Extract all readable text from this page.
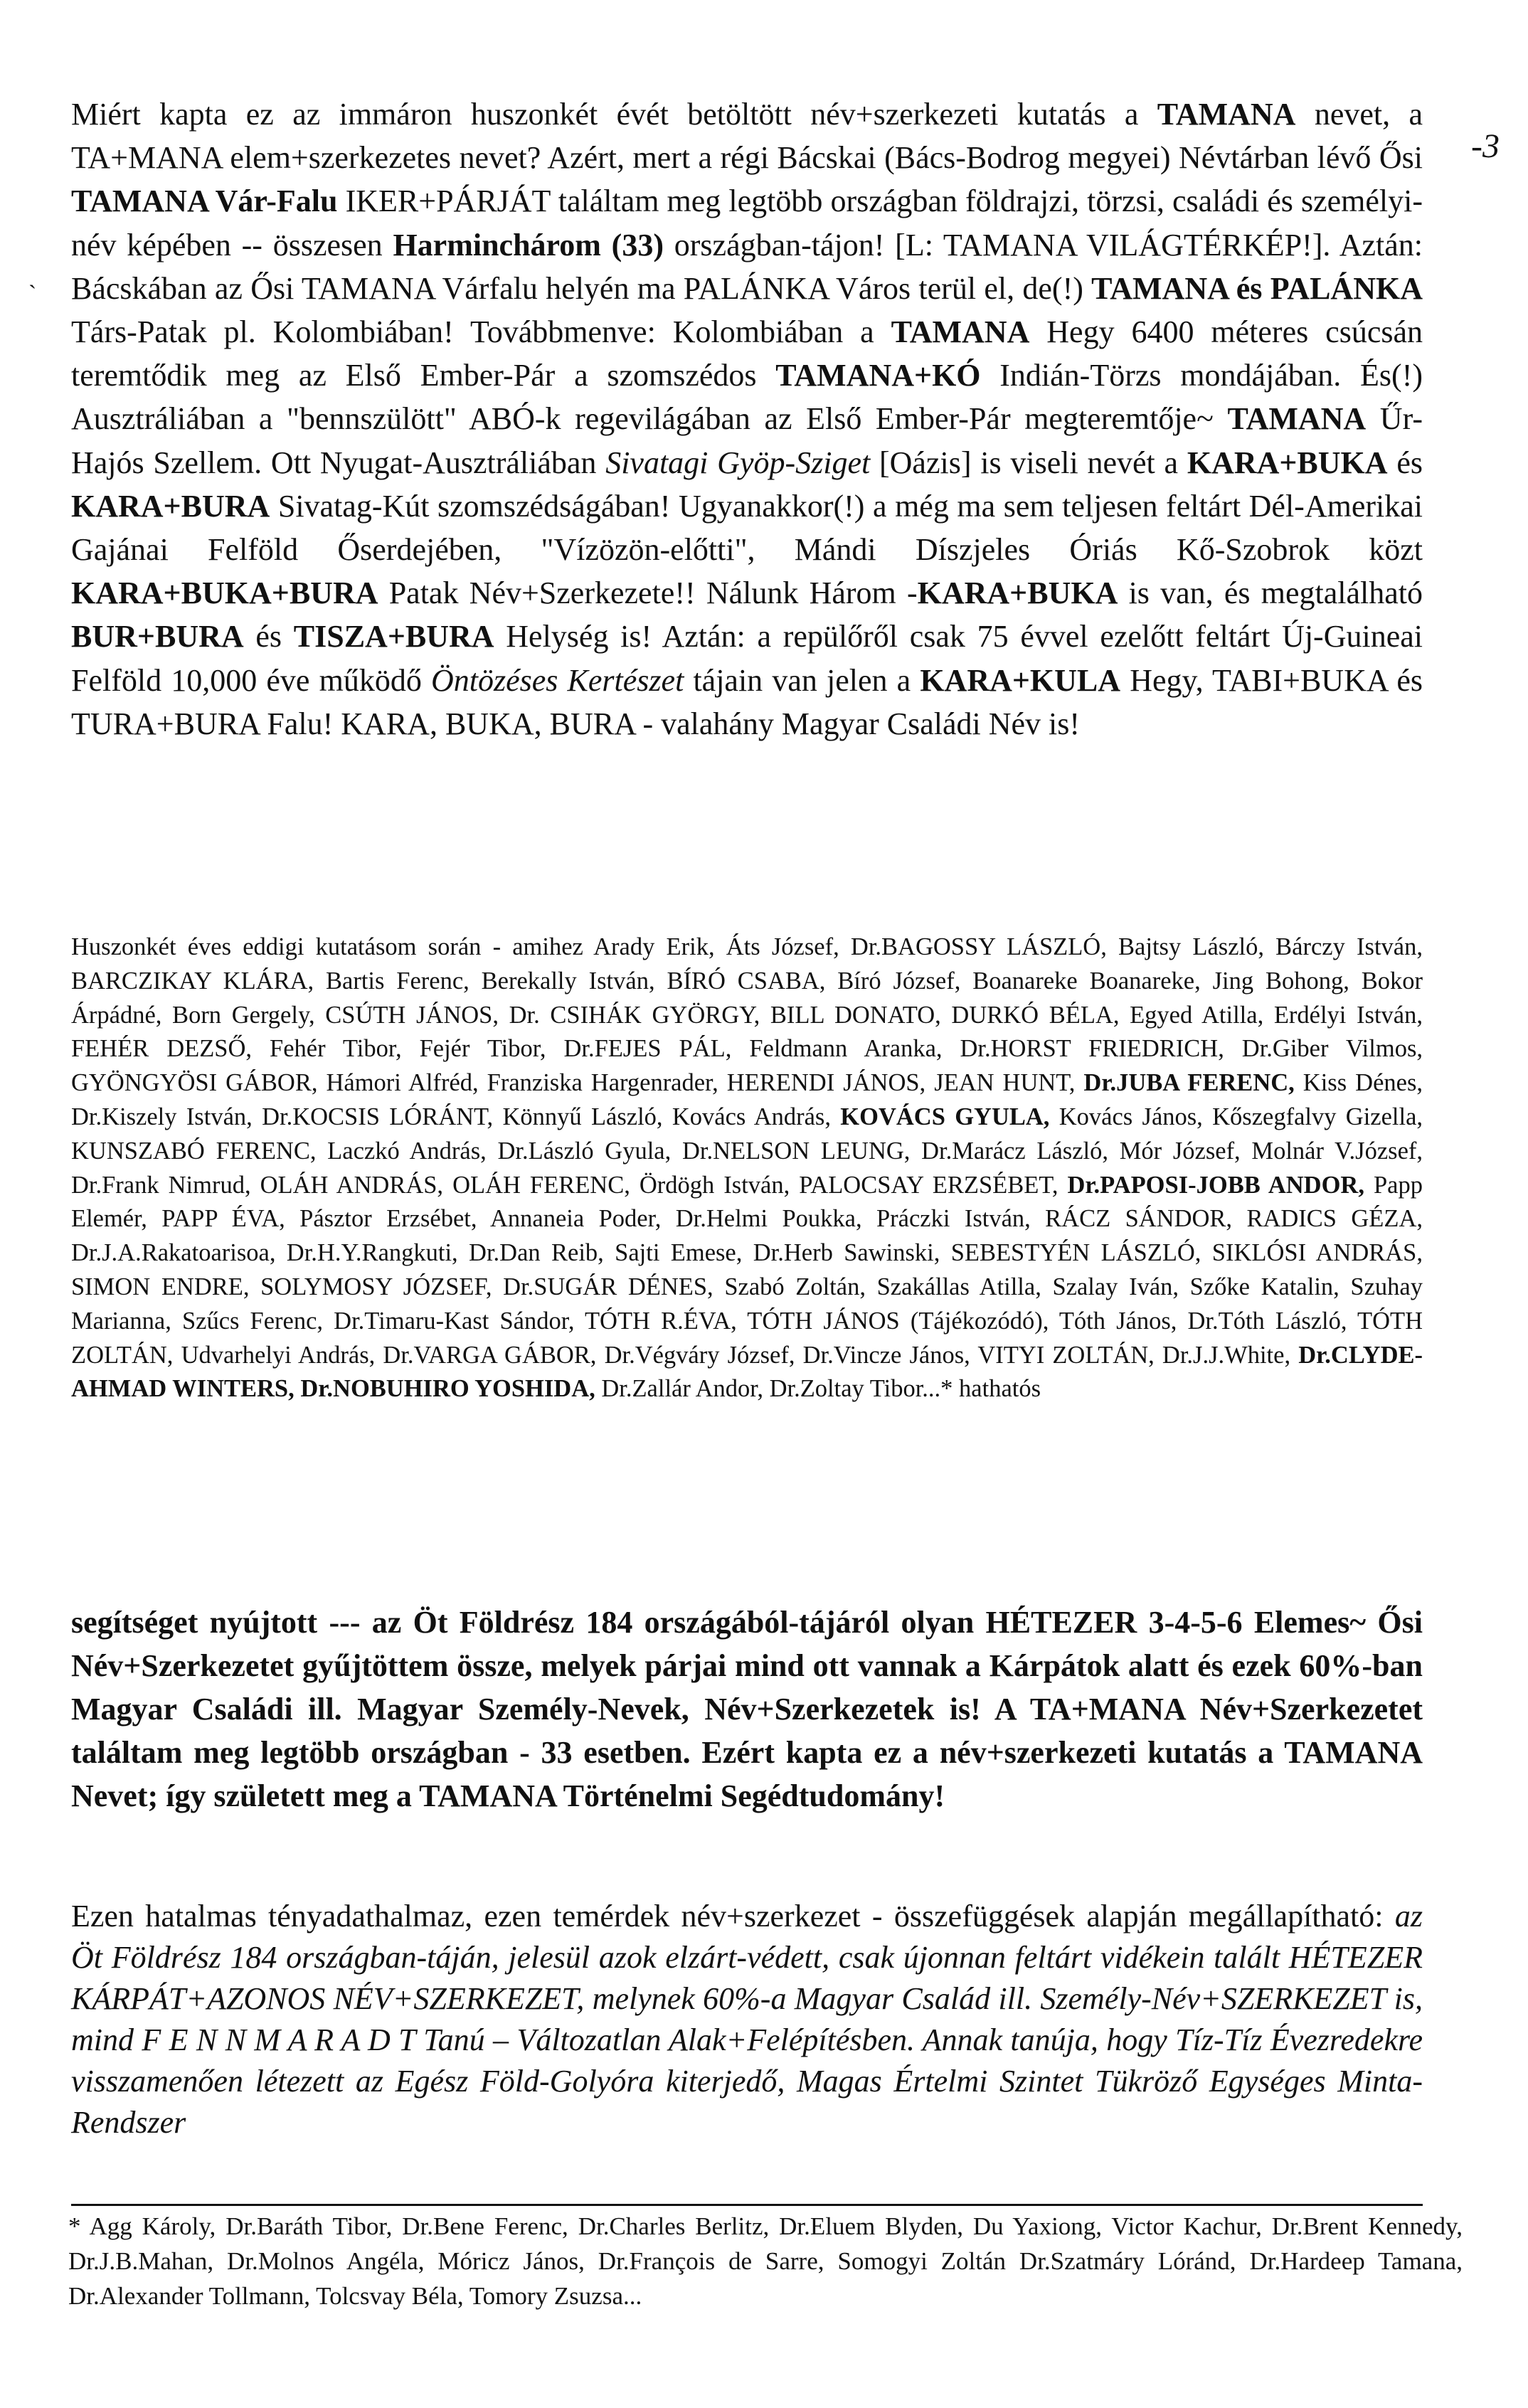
-3
`

Miért kapta ez az immáron huszonkét évét betöltött név+szerkezeti kutatás a TAMANA nevet, a TA+MANA elem+szerkezetes nevet? Azért, mert a régi Bácskai (Bács-Bodrog megyei) Névtárban lévő Ősi TAMANA Vár-Falu IKER+PÁRJÁT találtam meg legtöbb országban földrajzi, törzsi, családi és személyi-név képében -- összesen Harminchárom (33) országban-tájon! [L: TAMANA VILÁGTÉRKÉP!]. Aztán: Bácskában az Ősi TAMANA Várfalu helyén ma PALÁNKA Város terül el, de(!) TAMANA és PALÁNKA Társ-Patak pl. Kolombiában! Továbbmenve: Kolombiában a TAMANA Hegy 6400 méteres csúcsán teremtődik meg az Első Ember-Pár a szomszédos TAMANA+KÓ Indián-Törzs mondájában. És(!) Ausztráliában a "bennszülött" ABÓ-k regevilágában az Első Ember-Pár megteremtője~ TAMANA Űr-Hajós Szellem. Ott Nyugat-Ausztráliában Sivatagi Gyöp-Sziget [Oázis] is viseli nevét a KARA+BUKA és KARA+BURA Sivatag-Kút szomszédságában! Ugyanakkor(!) a még ma sem teljesen feltárt Dél-Amerikai Gajánai Felföld Őserdejében, "Vízözön-előtti", Mándi Díszjeles Óriás Kő-Szobrok közt KARA+BUKA+BURA Patak Név+Szerkezete!! Nálunk Három -KARA+BUKA is van, és megtalálható BUR+BURA és TISZA+BURA Helység is! Aztán: a repülőről csak 75 évvel ezelőtt feltárt Új-Guineai Felföld 10,000 éve működő Öntözéses Kertészet tájain van jelen a KARA+KULA Hegy, TABI+BUKA és TURA+BURA Falu! KARA, BUKA, BURA - valahány Magyar Családi Név is!

Huszonkét éves eddigi kutatásom során - amihez Arady Erik, Áts József, Dr.BAGOSSY LÁSZLÓ, Bajtsy László, Bárczy István, BARCZIKAY KLÁRA, Bartis Ferenc, Berekally István, BÍRÓ CSABA, Bíró József, Boanareke Boanareke, Jing Bohong, Bokor Árpádné, Born Gergely, CSÚTH JÁNOS, Dr. CSIHÁK GYÖRGY, BILL DONATO, DURKÓ BÉLA, Egyed Atilla, Erdélyi István, FEHÉR DEZSŐ, Fehér Tibor, Fejér Tibor, Dr.FEJES PÁL, Feldmann Aranka, Dr.HORST FRIEDRICH, Dr.Giber Vilmos, GYÖNGYÖSI GÁBOR, Hámori Alfréd, Franziska Hargenrader, HERENDI JÁNOS, JEAN HUNT, Dr.JUBA FERENC, Kiss Dénes, Dr.Kiszely István, Dr.KOCSIS LÓRÁNT, Könnyű László, Kovács András, KOVÁCS GYULA, Kovács János, Kőszegfalvy Gizella, KUNSZABÓ FERENC, Laczkó András, Dr.László Gyula, Dr.NELSON LEUNG, Dr.Marácz László, Mór József, Molnár V.József, Dr.Frank Nimrud, OLÁH ANDRÁS, OLÁH FERENC, Ördögh István, PALOCSAY ERZSÉBET, Dr.PAPOSI-JOBB ANDOR, Papp Elemér, PAPP ÉVA, Pásztor Erzsébet, Annaneia Poder, Dr.Helmi Poukka, Práczki István, RÁCZ SÁNDOR, RADICS GÉZA, Dr.J.A.Rakatoarisoa, Dr.H.Y.Rangkuti, Dr.Dan Reib, Sajti Emese, Dr.Herb Sawinski, SEBESTYÉN LÁSZLÓ, SIKLÓSI ANDRÁS, SIMON ENDRE, SOLYMOSY JÓZSEF, Dr.SUGÁR DÉNES, Szabó Zoltán, Szakállas Atilla, Szalay Iván, Szőke Katalin, Szuhay Marianna, Szűcs Ferenc, Dr.Timaru-Kast Sándor, TÓTH R.ÉVA, TÓTH JÁNOS (Tájékozódó), Tóth János, Dr.Tóth László, TÓTH ZOLTÁN, Udvarhelyi András, Dr.VARGA GÁBOR, Dr.Végváry József, Dr.Vincze János, VITYI ZOLTÁN, Dr.J.J.White, Dr.CLYDE-AHMAD WINTERS, Dr.NOBUHIRO YOSHIDA, Dr.Zallár Andor, Dr.Zoltay Tibor...* hathatós

segítséget nyújtott --- az Öt Földrész 184 országából-tájáról olyan HÉTEZER 3-4-5-6 Elemes~ Ősi Név+Szerkezetet gyűjtöttem össze, melyek párjai mind ott vannak a Kárpátok alatt és ezek 60%-ban Magyar Családi ill. Magyar Személy-Nevek, Név+Szerkezetek is! A TA+MANA Név+Szerkezetet találtam meg legtöbb országban - 33 esetben. Ezért kapta ez a név+szerkezeti kutatás a TAMANA Nevet; így született meg a TAMANA Történelmi Segédtudomány!

Ezen hatalmas tényadathalmaz, ezen temérdek név+szerkezet - összefüggések alapján megállapítható: az Öt Földrész 184 országban-táján, jelesül azok elzárt-védett, csak újonnan feltárt vidékein talált HÉTEZER KÁRPÁT+AZONOS NÉV+SZERKEZET, melynek 60%-a Magyar Család ill. Személy-Név+SZERKEZET is, mind F E N N M A R A D T Tanú – Változatlan Alak+Felépítésben. Annak tanúja, hogy Tíz-Tíz Évezredekre visszamenően létezett az Egész Föld-Golyóra kiterjedő, Magas Értelmi Szintet Tükröző Egységes Minta-Rendszer

* Agg Károly, Dr.Baráth Tibor, Dr.Bene Ferenc, Dr.Charles Berlitz, Dr.Eluem Blyden, Du Yaxiong, Victor Kachur, Dr.Brent Kennedy, Dr.J.B.Mahan, Dr.Molnos Angéla, Móricz János, Dr.François de Sarre, Somogyi Zoltán Dr.Szatmáry Lóránd, Dr.Hardeep Tamana, Dr.Alexander Tollmann, Tolcsvay Béla, Tomory Zsuzsa...
